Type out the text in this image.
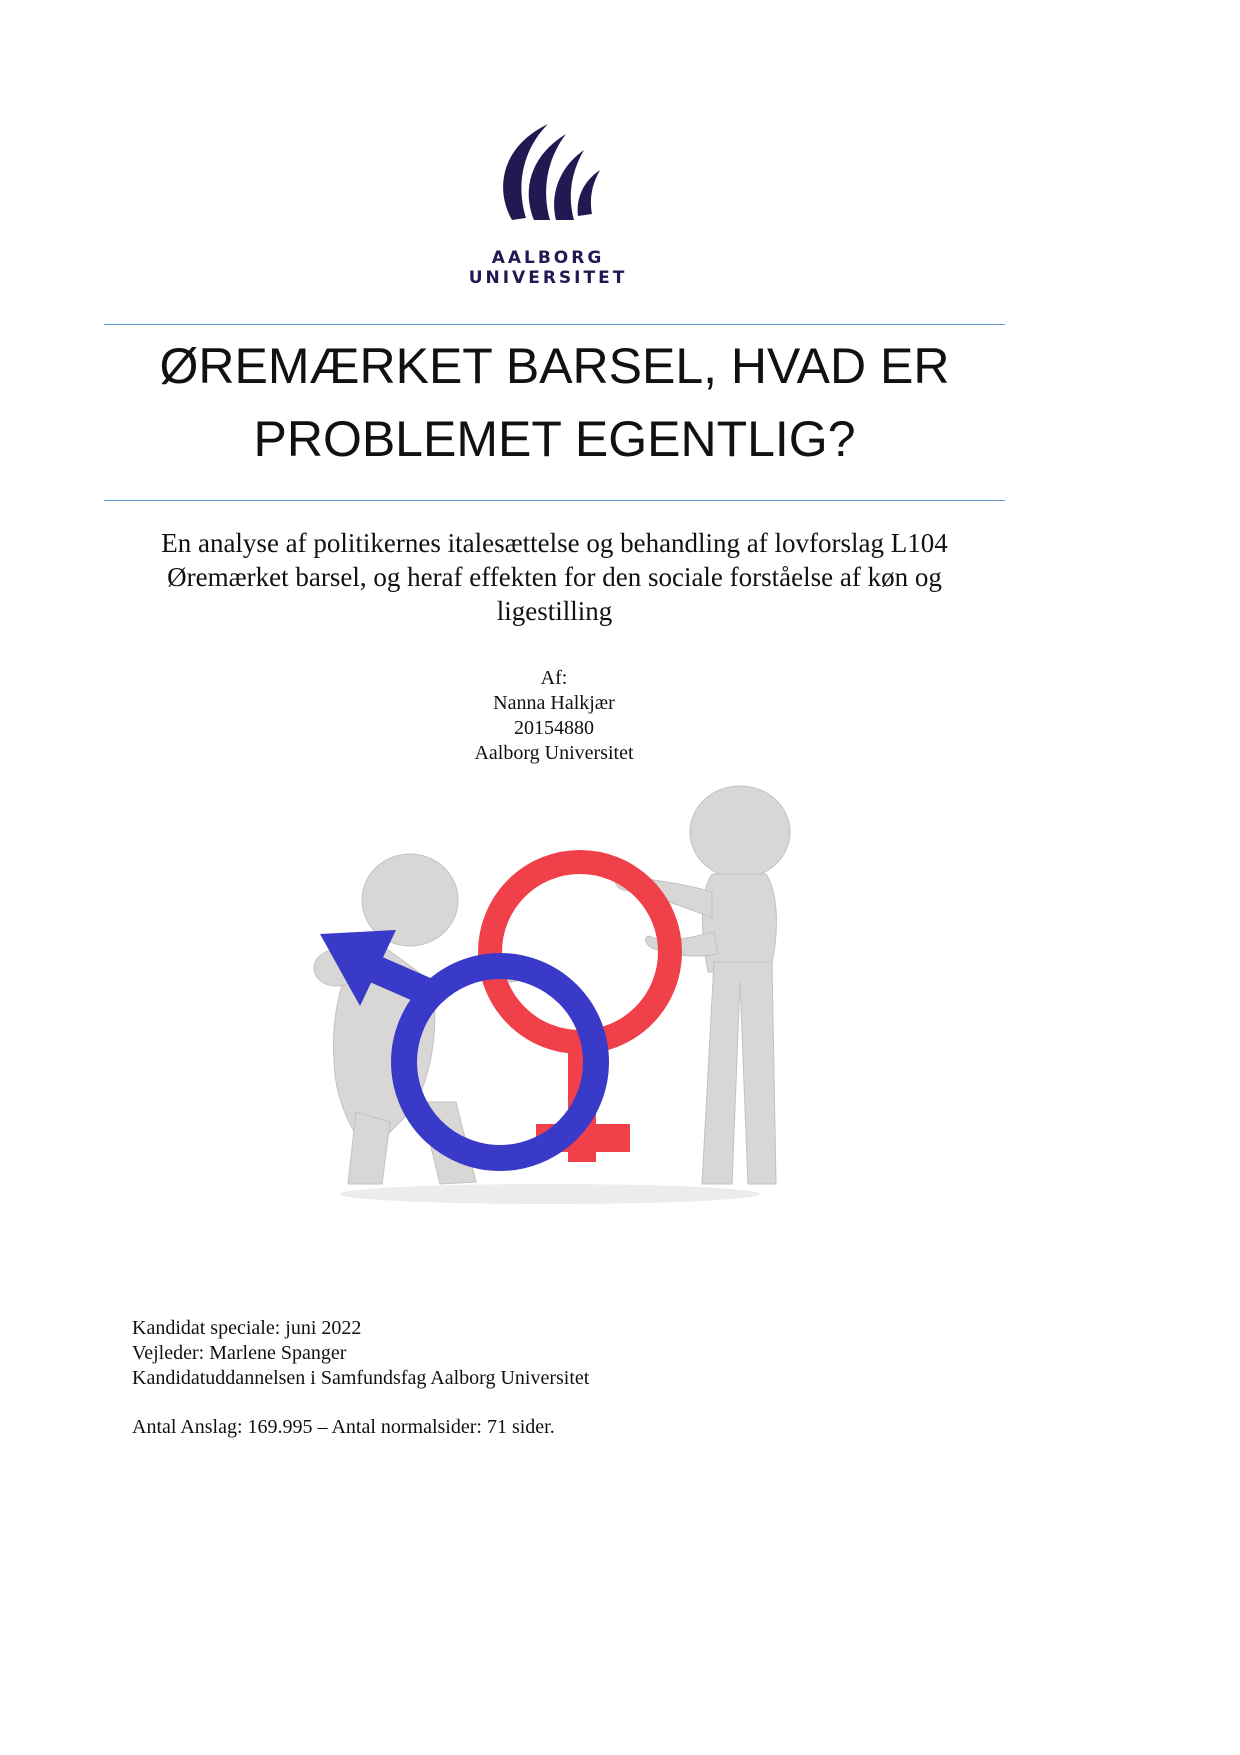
AALBORG UNIVERSITET
ØREMÆRKET BARSEL, HVAD ER
PROBLEMET EGENTLIG?
En analyse af politikernes italesættelse og behandling af lovforslag L104
Øremærket barsel, og heraf effekten for den sociale forståelse af køn og
ligestilling
Af:
Nanna Halkjær
20154880
Aalborg Universitet
Kandidat speciale: juni 2022
Vejleder: Marlene Spanger
Kandidatuddannelsen i Samfundsfag Aalborg Universitet
Antal Anslag: 169.995 – Antal normalsider: 71 sider.
